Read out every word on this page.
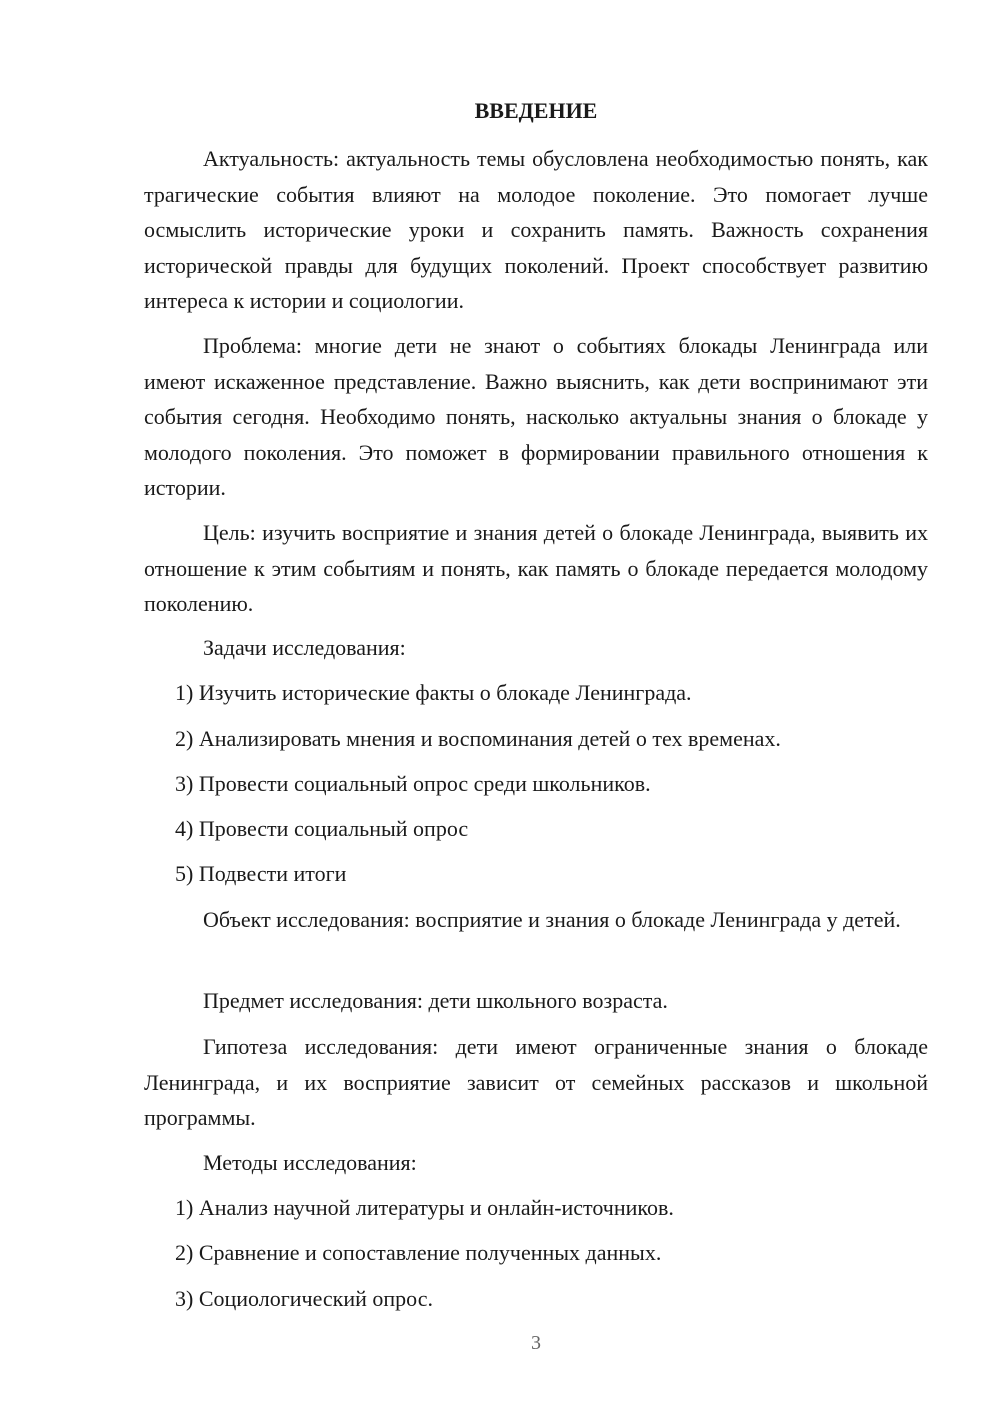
ВВЕДЕНИЕ

Актуальность: актуальность темы обусловлена необходимостью понять, как трагические события влияют на молодое поколение. Это помогает лучше осмыслить исторические уроки и сохранить память. Важность сохранения исторической правды для будущих поколений. Проект способствует развитию интереса к истории и социологии.

Проблема: многие дети не знают о событиях блокады Ленинграда или имеют искаженное представление. Важно выяснить, как дети воспринимают эти события сегодня. Необходимо понять, насколько актуальны знания о блокаде у молодого поколения. Это поможет в формировании правильного отношения к истории.

Цель: изучить восприятие и знания детей о блокаде Ленинграда, выявить их отношение к этим событиям и понять, как память о блокаде передается молодому поколению.

Задачи исследования:
1) Изучить исторические факты о блокаде Ленинграда.
2) Анализировать мнения и воспоминания детей о тех временах.
3) Провести социальный опрос среди школьников.
4) Провести социальный опрос
5) Подвести итоги

Объект исследования: восприятие и знания о блокаде Ленинграда у детей.

Предмет исследования: дети школьного возраста.

Гипотеза исследования: дети имеют ограниченные знания о блокаде Ленинграда, и их восприятие зависит от семейных рассказов и школьной программы.

Методы исследования:
1) Анализ научной литературы и онлайн-источников.
2) Сравнение и сопоставление полученных данных.
3) Социологический опрос.
3
